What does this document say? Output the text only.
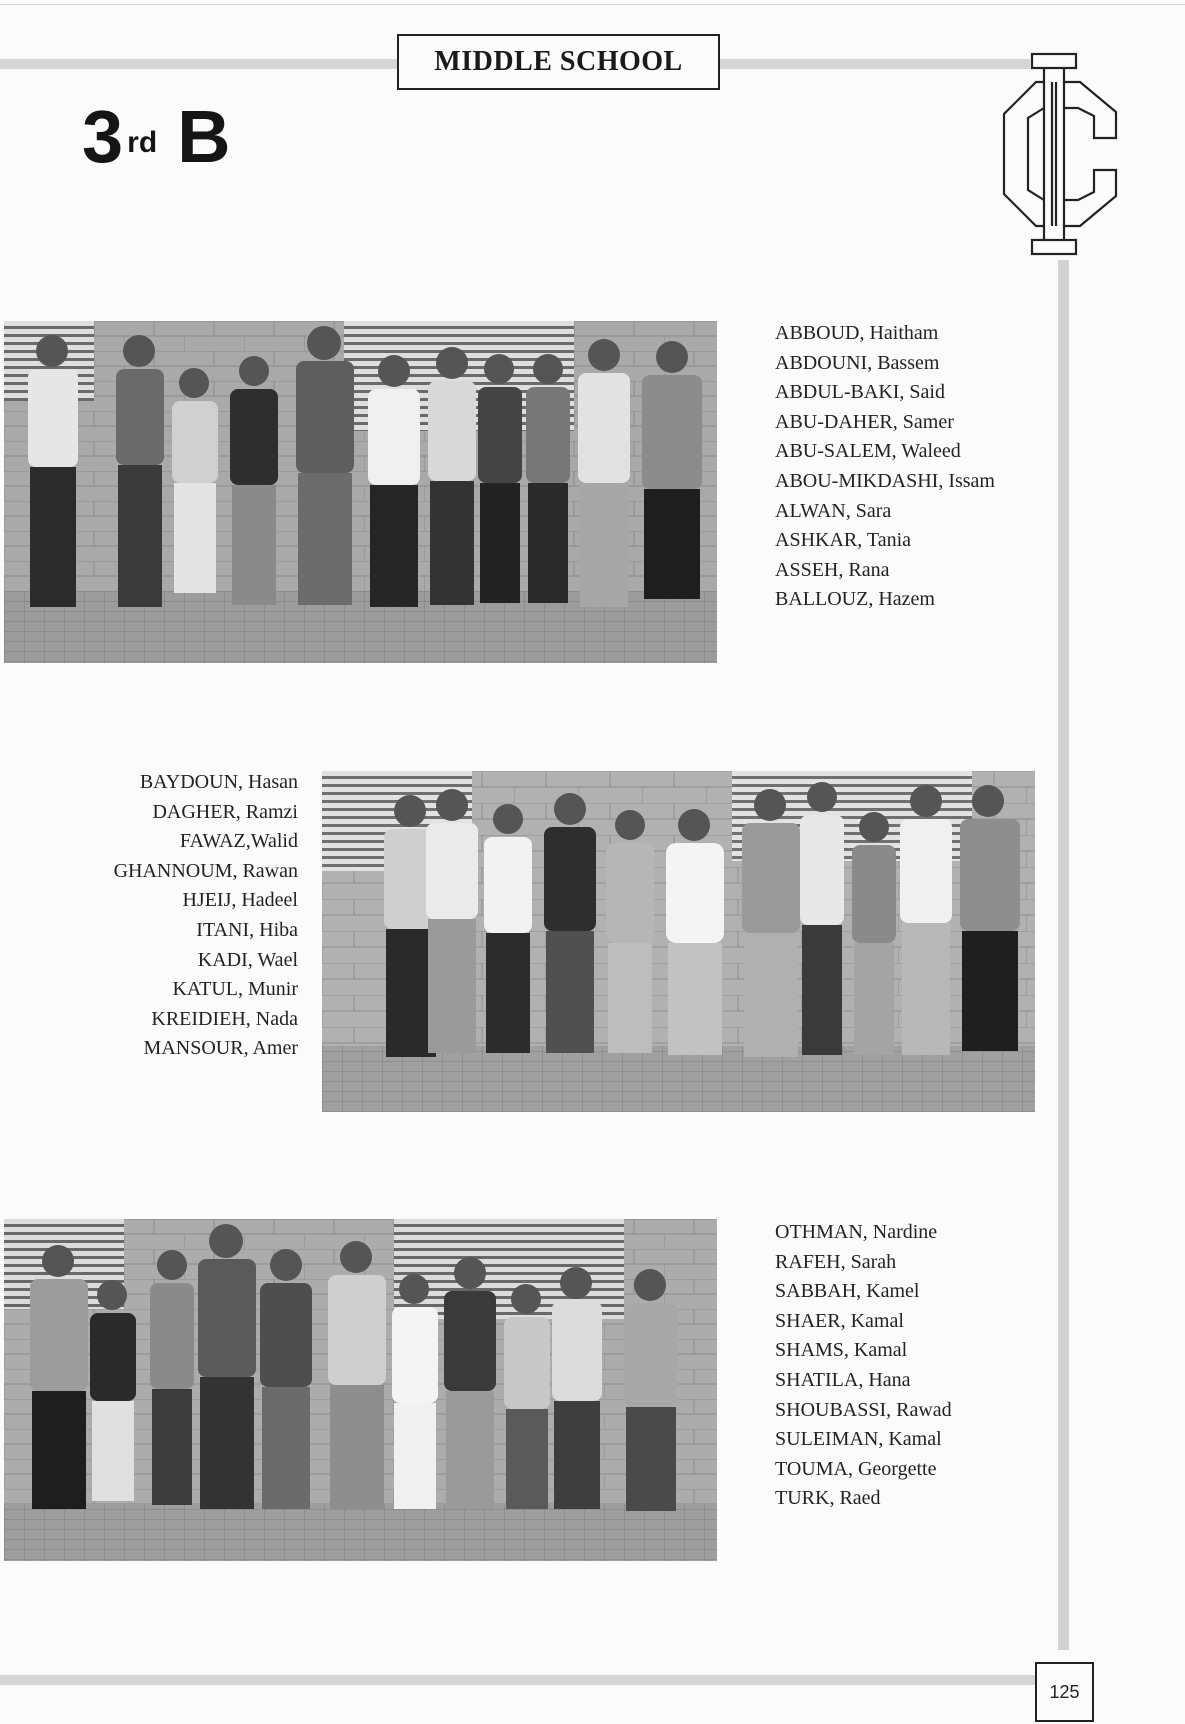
MIDDLE SCHOOL
3 rd B
ABBOUD, Haitham
ABDOUNI, Bassem
ABDUL-BAKI, Said
ABU-DAHER, Samer
ABU-SALEM, Waleed
ABOU-MIKDASHI, Issam
ALWAN, Sara
ASHKAR, Tania
ASSEH, Rana
BALLOUZ, Hazem
BAYDOUN, Hasan
DAGHER, Ramzi
FAWAZ,Walid
GHANNOUM, Rawan
HJEIJ, Hadeel
ITANI, Hiba
KADI, Wael
KATUL, Munir
KREIDIEH, Nada
MANSOUR, Amer
OTHMAN, Nardine
RAFEH, Sarah
SABBAH, Kamel
SHAER, Kamal
SHAMS, Kamal
SHATILA, Hana
SHOUBASSI, Rawad
SULEIMAN, Kamal
TOUMA, Georgette
TURK, Raed
125
